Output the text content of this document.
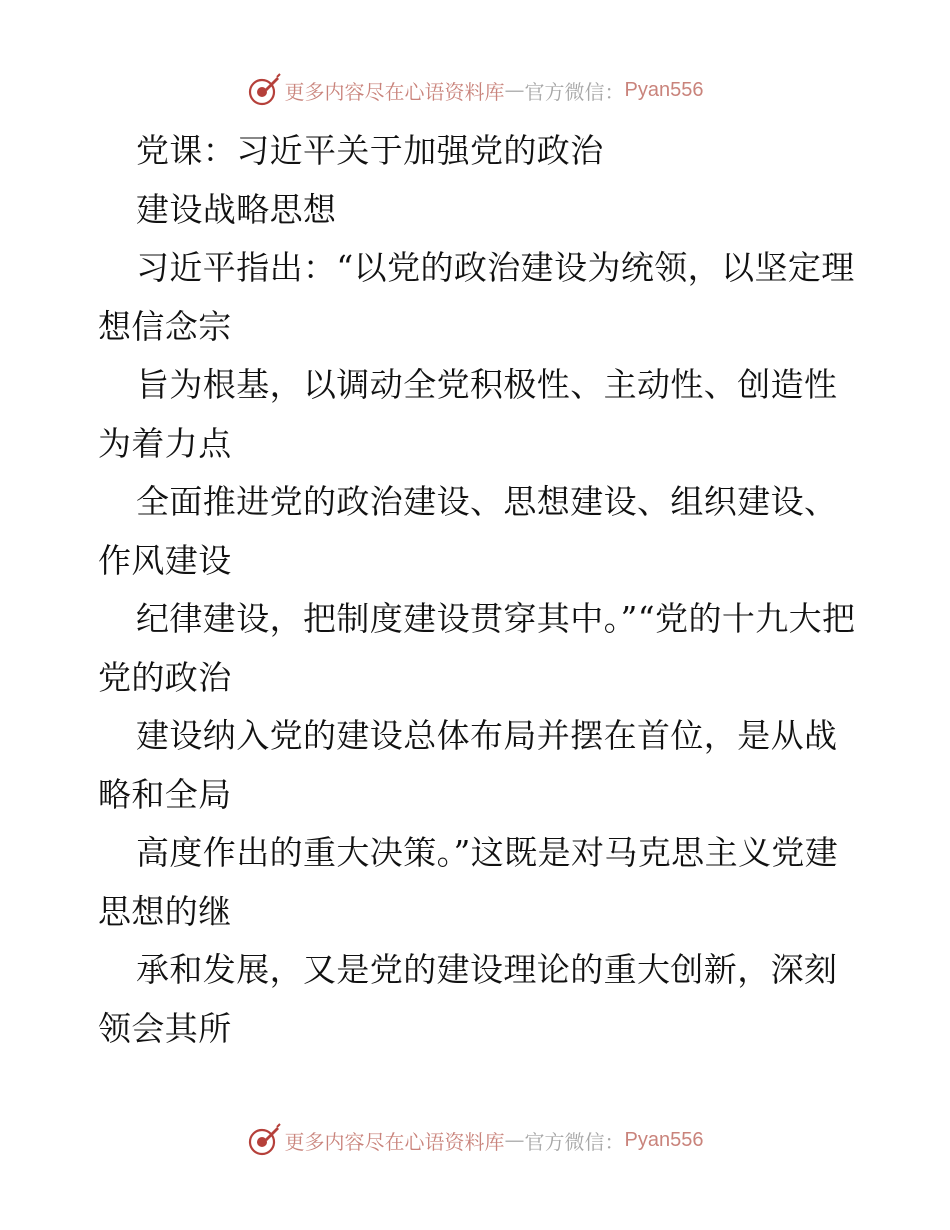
更多内容尽在心语资料库 — 官方微信： Pyan556

党课：习近平关于加强党的政治

建设战略思想

习近平指出：“以党的政治建设为统领，以坚定理想信念宗

旨为根基，以调动全党积极性、主动性、创造性为着力点

全面推进党的政治建设、思想建设、组织建设、作风建设

纪律建设，把制度建设贯穿其中。”“党的十九大把党的政治

建设纳入党的建设总体布局并摆在首位，是从战略和全局

高度作出的重大决策。”这既是对马克思主义党建思想的继

承和发展，又是党的建设理论的重大创新，深刻领会其所

更多内容尽在心语资料库 — 官方微信： Pyan556
